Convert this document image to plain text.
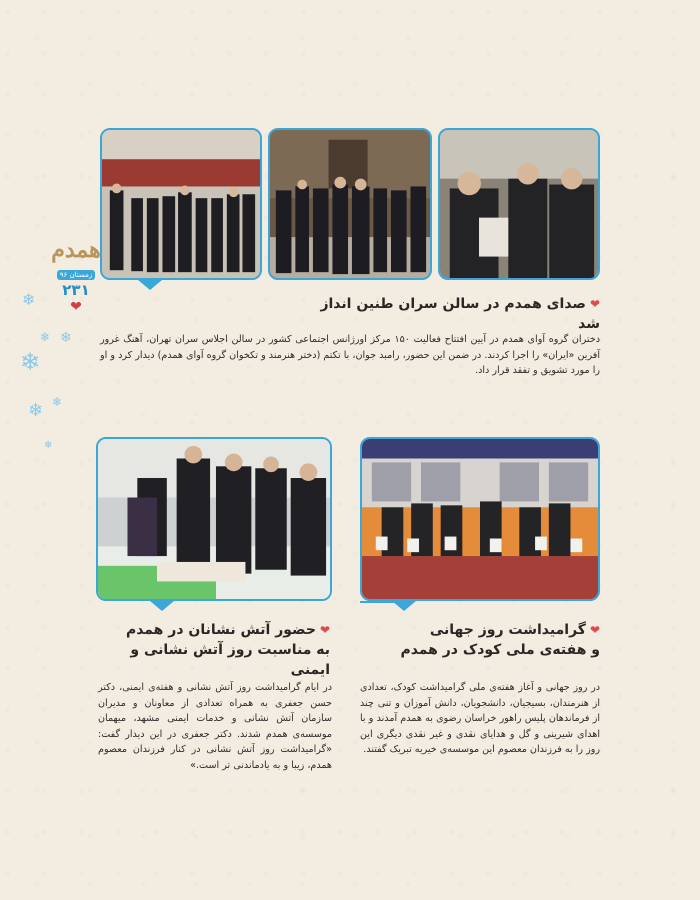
همدم
زمستان ۹۶
۲۳۱
❤
❄
❄ ❄
❄
❄ ❄
❄
❤صدای همدم در سالن سران طنین انداز شد
دختران گروه آوای همدم در آیین افتتاح فعالیت ۱۵۰ مرکز اورژانس اجتماعی کشور در سالن اجلاس سران تهران، آهنگ غرور آفرین «ایران» را اجرا کردند. در ضمن این حضور، رامبد جوان، با تکتم (دختر هنرمند و تکخوان گروه آوای همدم) دیدار کرد و او را مورد تشویق و تفقد قرار داد.
❤حضور آتش نشانان در همدم
به مناسبت روز آتش نشانی و ایمنی
در ایام گرامیداشت روز آتش نشانی و هفته‌ی ایمنی، دکتر حسن جعفری به همراه تعدادی از معاونان و مدیران سازمان آتش نشانی و خدمات ایمنی مشهد، میهمان موسسه‌ی همدم شدند. دکتر جعفری در این دیدار گفت: «گرامیداشت روز آتش نشانی در کنار فرزندان معصوم همدم، زیبا و به یادماندنی تر است.»
❤گرامیداشت روز جهانی
و هفته‌ی ملی کودک در همدم
در روز جهانی و آغاز هفته‌ی ملی گرامیداشت کودک، تعدادی از هنرمندان، بسیجیان، دانشجویان، دانش آموزان و تنی چند از فرماندهان پلیس راهور خراسان رضوی به همدم آمدند و با اهدای شیرینی و گل و هدایای نقدی و غیر نقدی دیگری این روز را به فرزندان معصوم این موسسه‌ی خیریه تبریک گفتند.
